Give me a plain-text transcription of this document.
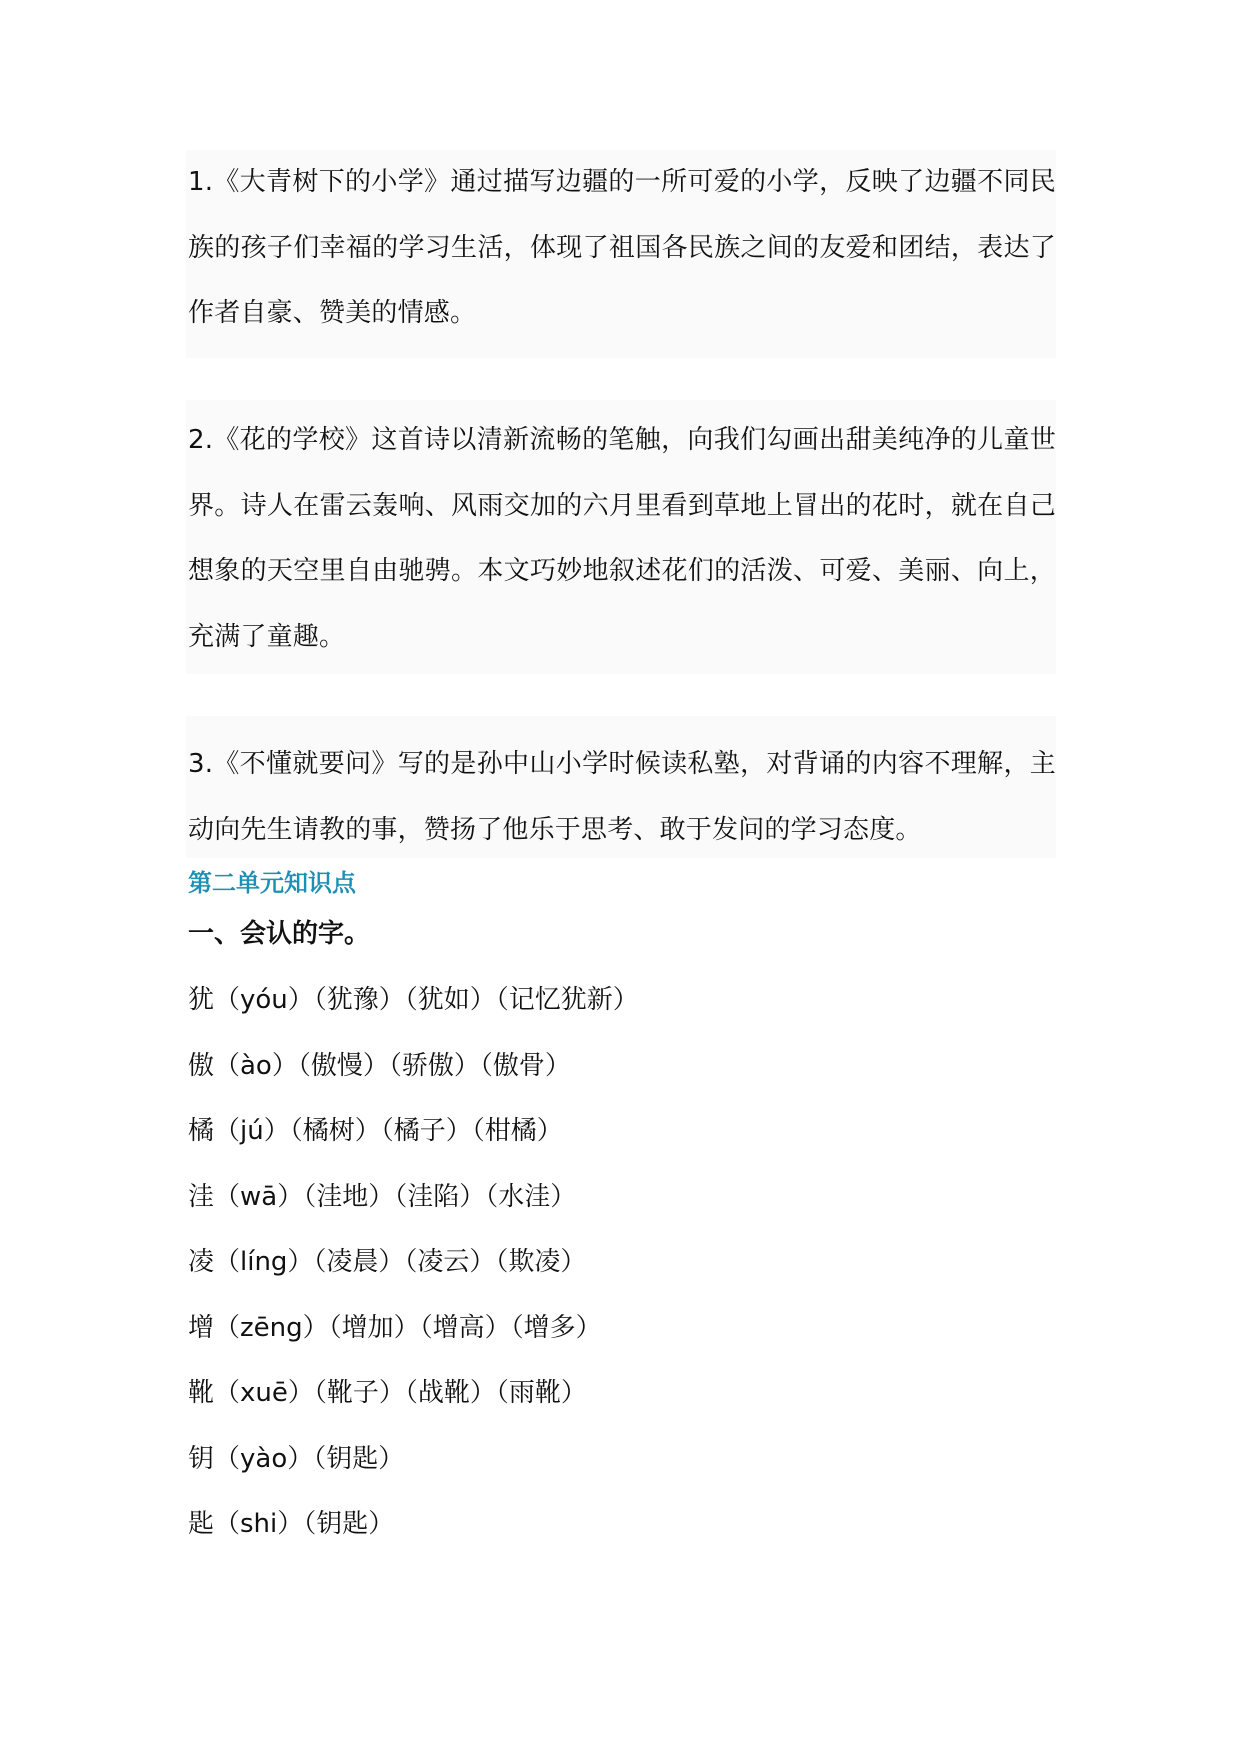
1.《大青树下的小学》通过描写边疆的一所可爱的小学，反映了边疆不同民族的孩子们幸福的学习生活，体现了祖国各民族之间的友爱和团结，表达了作者自豪、赞美的情感。

2.《花的学校》这首诗以清新流畅的笔触，向我们勾画出甜美纯净的儿童世界。诗人在雷云轰响、风雨交加的六月里看到草地上冒出的花时，就在自己想象的天空里自由驰骋。本文巧妙地叙述花们的活泼、可爱、美丽、向上，充满了童趣。

3.《不懂就要问》写的是孙中山小学时候读私塾，对背诵的内容不理解，主动向先生请教的事，赞扬了他乐于思考、敢于发问的学习态度。

第二单元知识点
一、会认的字。
犹（yóu）（犹豫）（犹如）（记忆犹新）
傲（ào）（傲慢）（骄傲）（傲骨）
橘（jú）（橘树）（橘子）（柑橘）
洼（wā）（洼地）（洼陷）（水洼）
凌（líng）（凌晨）（凌云）（欺凌）
增（zēng）（增加）（增高）（增多）
靴（xuē）（靴子）（战靴）（雨靴）
钥（yào）（钥匙）
匙（shi）（钥匙）
